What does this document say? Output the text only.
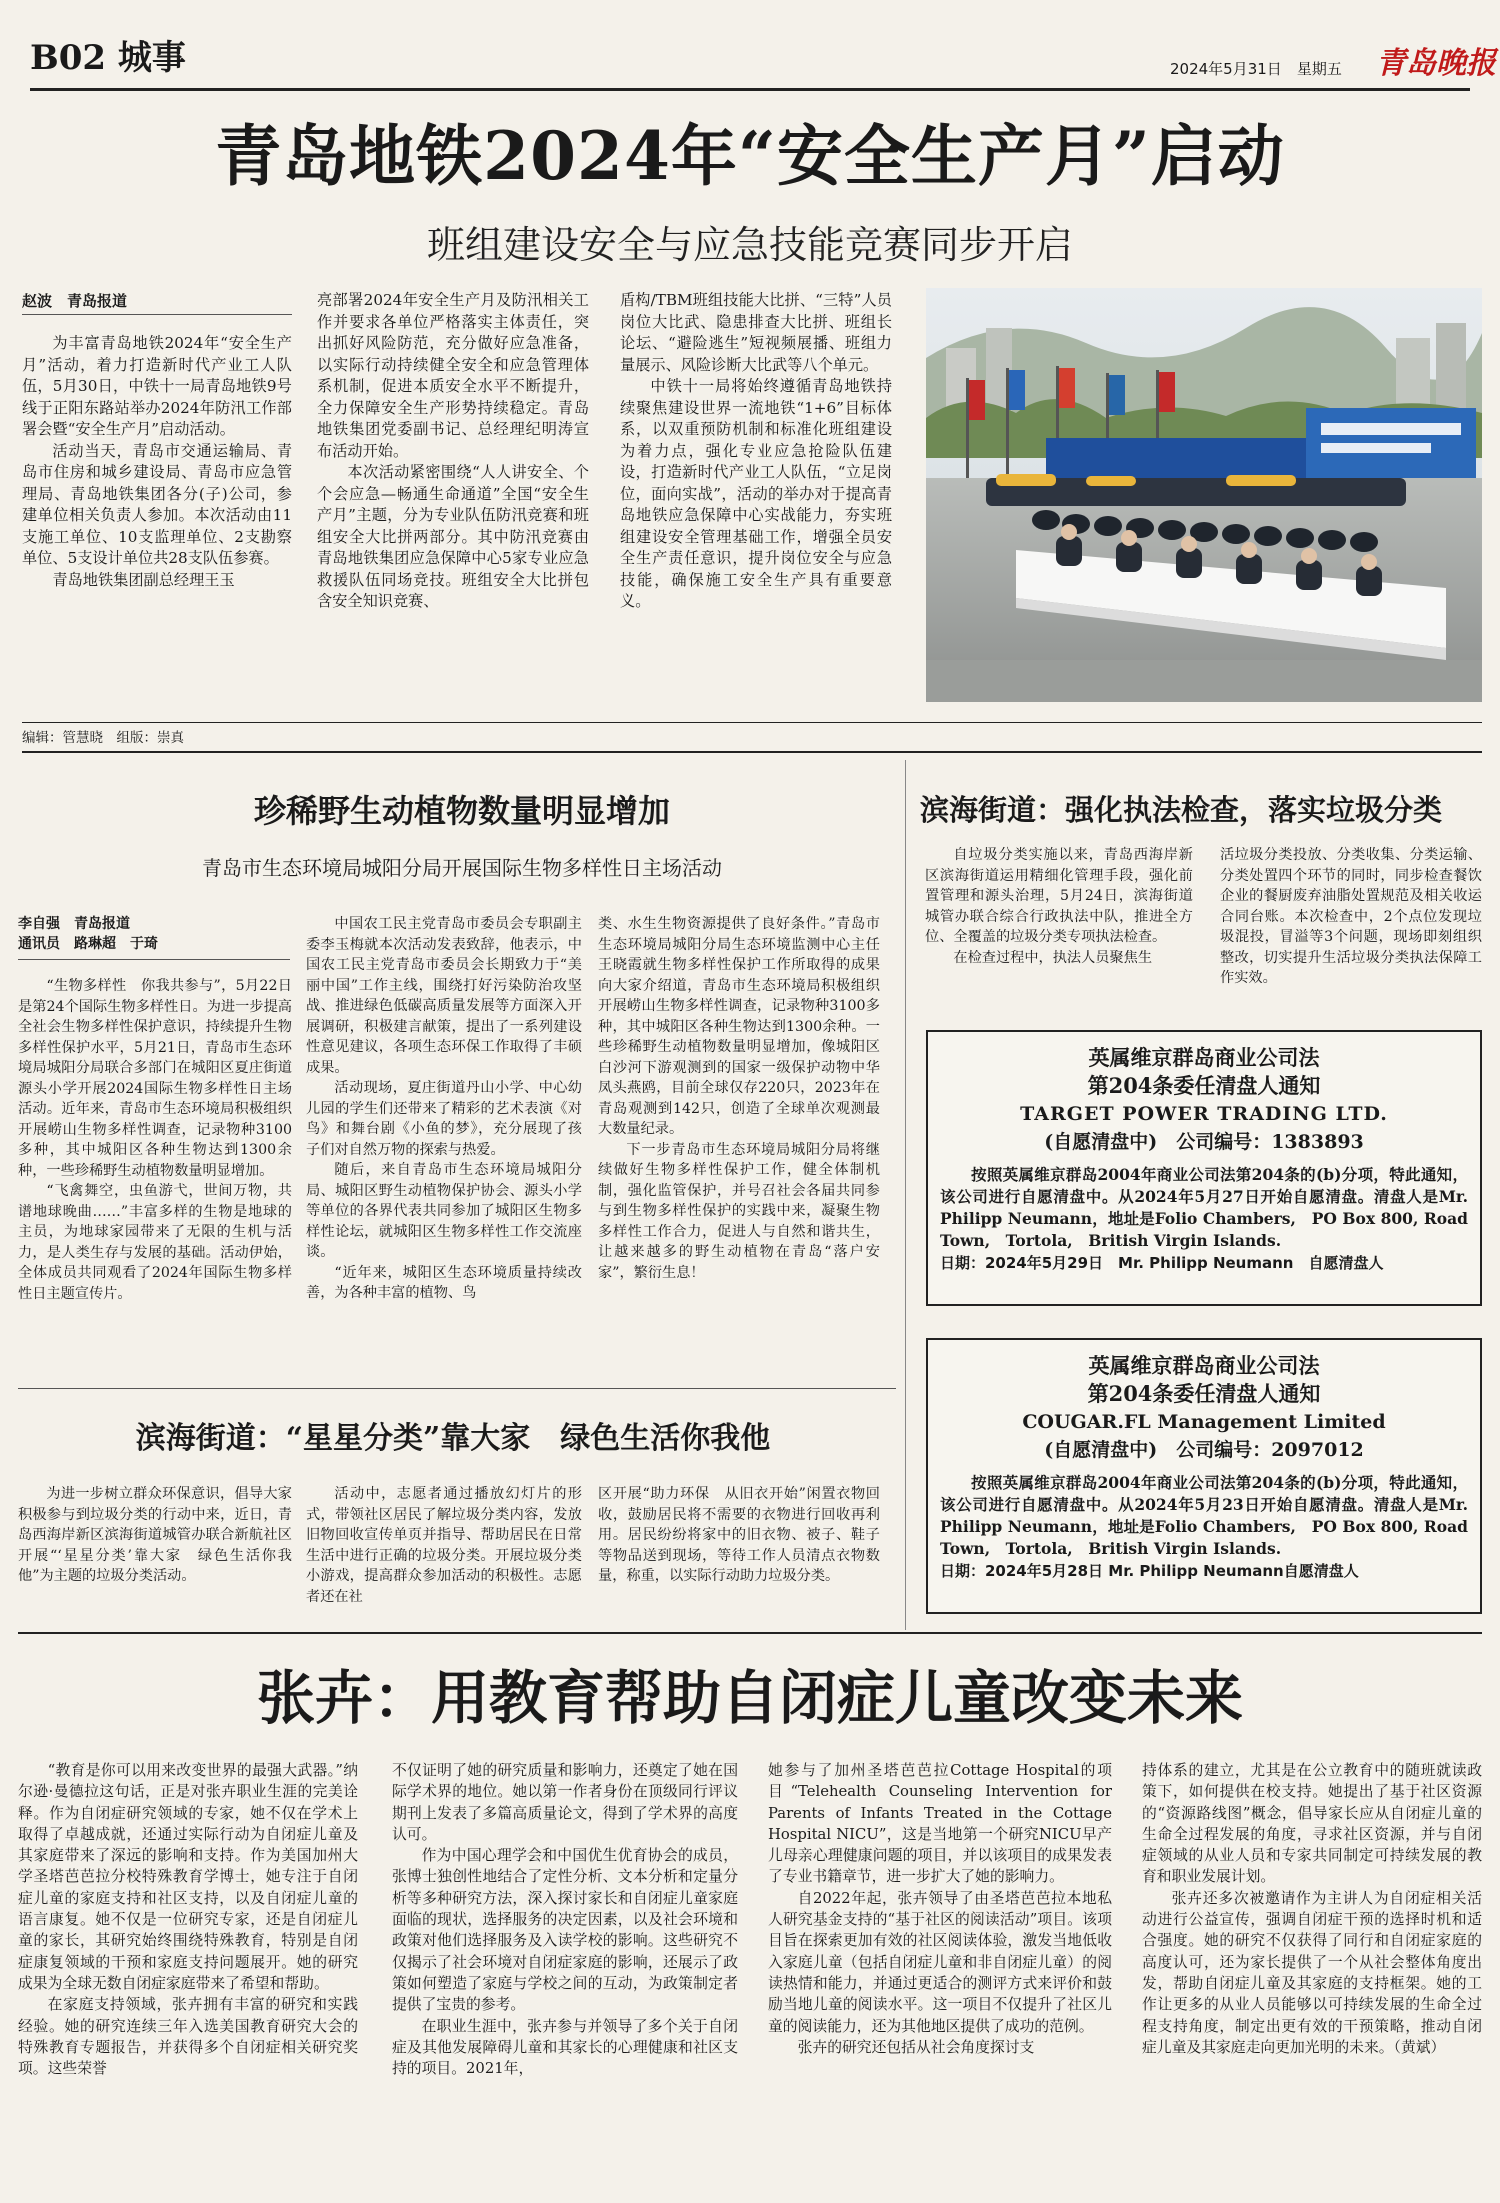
B02 城事	2024年5月31日　 星期五 青岛晚报
青岛地铁2024年“安全生产月”启动
班组建设安全与应急技能竞赛同步开启
赵波　青岛报道

为丰富青岛地铁2024年“安全生产月”活动，着力打造新时代产业工人队伍，5月30日，中铁十一局青岛地铁9号线于正阳东路站举办2024年防汛工作部署会暨“安全生产月”启动活动。

活动当天，青岛市交通运输局、青岛市住房和城乡建设局、青岛市应急管理局、青岛地铁集团各分(子)公司，参建单位相关负责人参加。本次活动由11支施工单位、10支监理单位、2支勘察单位、5支设计单位共28支队伍参赛。

青岛地铁集团副总经理王玉

亮部署2024年安全生产月及防汛相关工作并要求各单位严格落实主体责任，突出抓好风险防范，充分做好应急准备，以实际行动持续健全安全和应急管理体系机制，促进本质安全水平不断提升，全力保障安全生产形势持续稳定。青岛地铁集团党委副书记、总经理纪明涛宣布活动开始。

本次活动紧密围绕“人人讲安全、个个会应急—畅通生命通道”全国“安全生产月”主题，分为专业队伍防汛竞赛和班组安全大比拼两部分。其中防汛竞赛由青岛地铁集团应急保障中心5家专业应急救援队伍同场竞技。班组安全大比拼包含安全知识竞赛、

盾构/TBM班组技能大比拼、“三特”人员岗位大比武、隐患排查大比拼、班组长论坛、“避险逃生”短视频展播、班组力量展示、风险诊断大比武等八个单元。

中铁十一局将始终遵循青岛地铁持续聚焦建设世界一流地铁“1+6”目标体系，以双重预防机制和标准化班组建设为着力点，强化专业应急抢险队伍建设，打造新时代产业工人队伍，“立足岗位，面向实战”，活动的举办对于提高青岛地铁应急保障中心实战能力，夯实班组建设安全管理基础工作，增强全员安全生产责任意识，提升岗位安全与应急技能，确保施工安全生产具有重要意义。

编辑：管慧晓　组版：崇真
珍稀野生动植物数量明显增加
青岛市生态环境局城阳分局开展国际生物多样性日主场活动
李自强　青岛报道
通讯员　路琳超　于琦

“生物多样性　你我共参与”，5月22日是第24个国际生物多样性日。为进一步提高全社会生物多样性保护意识，持续提升生物多样性保护水平，5月21日，青岛市生态环境局城阳分局联合多部门在城阳区夏庄街道源头小学开展2024国际生物多样性日主场活动。近年来，青岛市生态环境局积极组织开展崂山生物多样性调查，记录物种3100多种，其中城阳区各种生物达到1300余种，一些珍稀野生动植物数量明显增加。

“飞禽舞空，虫鱼游弋，世间万物，共谱地球晚曲……”丰富多样的生物是地球的主员，为地球家园带来了无限的生机与活力，是人类生存与发展的基础。活动伊始，全体成员共同观看了2024年国际生物多样性日主题宣传片。

中国农工民主党青岛市委员会专职副主委李玉梅就本次活动发表致辞，他表示，中国农工民主党青岛市委员会长期致力于“美丽中国”工作主线，围绕打好污染防治攻坚战、推进绿色低碳高质量发展等方面深入开展调研，积极建言献策，提出了一系列建设性意见建议，各项生态环保工作取得了丰硕成果。

活动现场，夏庄街道丹山小学、中心幼儿园的学生们还带来了精彩的艺术表演《对鸟》和舞台剧《小鱼的梦》，充分展现了孩子们对自然万物的探索与热爱。

随后，来自青岛市生态环境局城阳分局、城阳区野生动植物保护协会、源头小学等单位的各界代表共同参加了城阳区生物多样性论坛，就城阳区生物多样性工作交流座谈。

“近年来，城阳区生态环境质量持续改善，为各种丰富的植物、鸟

类、水生生物资源提供了良好条件。”青岛市生态环境局城阳分局生态环境监测中心主任王晓霞就生物多样性保护工作所取得的成果向大家介绍道，青岛市生态环境局积极组织开展崂山生物多样性调查，记录物种3100多种，其中城阳区各种生物达到1300余种。一些珍稀野生动植物数量明显增加，像城阳区白沙河下游观测到的国家一级保护动物中华凤头燕鸥，目前全球仅存220只，2023年在青岛观测到142只，创造了全球单次观测最大数量纪录。

下一步青岛市生态环境局城阳分局将继续做好生物多样性保护工作，健全体制机制，强化监管保护，并号召社会各届共同参与到生物多样性保护的实践中来，凝聚生物多样性工作合力，促进人与自然和谐共生，让越来越多的野生动植物在青岛“落户安家”，繁衍生息！

滨海街道：强化执法检查，落实垃圾分类

自垃圾分类实施以来，青岛西海岸新区滨海街道运用精细化管理手段，强化前置管理和源头治理，5月24日，滨海街道城管办联合综合行政执法中队，推进全方位、全覆盖的垃圾分类专项执法检查。

在检查过程中，执法人员聚焦生

活垃圾分类投放、分类收集、分类运输、分类处置四个环节的同时，同步检查餐饮企业的餐厨废弃油脂处置规范及相关收运合同台账。本次检查中，2个点位发现垃圾混投，冒溢等3个问题，现场即刻组织整改，切实提升生活垃圾分类执法保障工作实效。

英属维京群岛商业公司法
第204条委任清盘人通知
TARGET POWER TRADING LTD.
(自愿清盘中)　公司编号：1383893

按照英属维京群岛2004年商业公司法第204条的(b)分项，特此通知，该公司进行自愿清盘中。从2024年5月27日开始自愿清盘。清盘人是Mr. Philipp Neumann，地址是Folio Chambers,　PO Box 800, Road Town,　Tortola,　British Virgin Islands.

日期：2024年5月29日　Mr. Philipp Neumann　自愿清盘人
英属维京群岛商业公司法
第204条委任清盘人通知
COUGAR.FL Management Limited
(自愿清盘中)　公司编号：2097012

按照英属维京群岛2004年商业公司法第204条的(b)分项，特此通知，该公司进行自愿清盘中。从2024年5月23日开始自愿清盘。清盘人是Mr. Philipp Neumann，地址是Folio Chambers,　PO Box 800, Road Town,　Tortola,　British Virgin Islands.

日期：2024年5月28日 Mr. Philipp Neumann自愿清盘人
滨海街道：“星星分类”靠大家　绿色生活你我他

为进一步树立群众环保意识，倡导大家积极参与到垃圾分类的行动中来，近日，青岛西海岸新区滨海街道城管办联合新航社区开展“‘星星分类’靠大家　绿色生活你我他”为主题的垃圾分类活动。

活动中，志愿者通过播放幻灯片的形式，带领社区居民了解垃圾分类内容，发放旧物回收宣传单页并指导、帮助居民在日常生活中进行正确的垃圾分类。开展垃圾分类小游戏，提高群众参加活动的积极性。志愿者还在社

区开展“助力环保　从旧衣开始”闲置衣物回收，鼓励居民将不需要的衣物进行回收再利用。居民纷纷将家中的旧衣物、被子、鞋子等物品送到现场，等待工作人员清点衣物数量，称重，以实际行动助力垃圾分类。

张卉：用教育帮助自闭症儿童改变未来

“教育是你可以用来改变世界的最强大武器。”纳尔逊·曼德拉这句话，正是对张卉职业生涯的完美诠释。作为自闭症研究领域的专家，她不仅在学术上取得了卓越成就，还通过实际行动为自闭症儿童及其家庭带来了深远的影响和支持。作为美国加州大学圣塔芭芭拉分校特殊教育学博士，她专注于自闭症儿童的家庭支持和社区支持，以及自闭症儿童的语言康复。她不仅是一位研究专家，还是自闭症儿童的家长，其研究始终围绕特殊教育，特别是自闭症康复领域的干预和家庭支持问题展开。她的研究成果为全球无数自闭症家庭带来了希望和帮助。

在家庭支持领域，张卉拥有丰富的研究和实践经验。她的研究连续三年入选美国教育研究大会的特殊教育专题报告，并获得多个自闭症相关研究奖项。这些荣誉

不仅证明了她的研究质量和影响力，还奠定了她在国际学术界的地位。她以第一作者身份在顶级同行评议期刊上发表了多篇高质量论文，得到了学术界的高度认可。

作为中国心理学会和中国优生优育协会的成员，张博士独创性地结合了定性分析、文本分析和定量分析等多种研究方法，深入探讨家长和自闭症儿童家庭面临的现状，选择服务的决定因素，以及社会环境和政策对他们选择服务及入读学校的影响。这些研究不仅揭示了社会环境对自闭症家庭的影响，还展示了政策如何塑造了家庭与学校之间的互动，为政策制定者提供了宝贵的参考。

在职业生涯中，张卉参与并领导了多个关于自闭症及其他发展障碍儿童和其家长的心理健康和社区支持的项目。2021年，

她参与了加州圣塔芭芭拉Cottage Hospital的项目“Telehealth Counseling Intervention for Parents of Infants Treated in the Cottage Hospital NICU”，这是当地第一个研究NICU早产儿母亲心理健康问题的项目，并以该项目的成果发表了专业书籍章节，进一步扩大了她的影响力。

自2022年起，张卉领导了由圣塔芭芭拉本地私人研究基金支持的“基于社区的阅读活动”项目。该项目旨在探索更加有效的社区阅读体验，激发当地低收入家庭儿童（包括自闭症儿童和非自闭症儿童）的阅读热情和能力，并通过更适合的测评方式来评价和鼓励当地儿童的阅读水平。这一项目不仅提升了社区儿童的阅读能力，还为其他地区提供了成功的范例。

张卉的研究还包括从社会角度探讨支

持体系的建立，尤其是在公立教育中的随班就读政策下，如何提供在校支持。她提出了基于社区资源的“资源路线图”概念，倡导家长应从自闭症儿童的生命全过程发展的角度，寻求社区资源，并与自闭症领域的从业人员和专家共同制定可持续发展的教育和职业发展计划。

张卉还多次被邀请作为主讲人为自闭症相关活动进行公益宣传，强调自闭症干预的选择时机和适合强度。她的研究不仅获得了同行和自闭症家庭的高度认可，还为家长提供了一个从社会整体角度出发，帮助自闭症儿童及其家庭的支持框架。她的工作让更多的从业人员能够以可持续发展的生命全过程支持角度，制定出更有效的干预策略，推动自闭症儿童及其家庭走向更加光明的未来。（黄斌）
